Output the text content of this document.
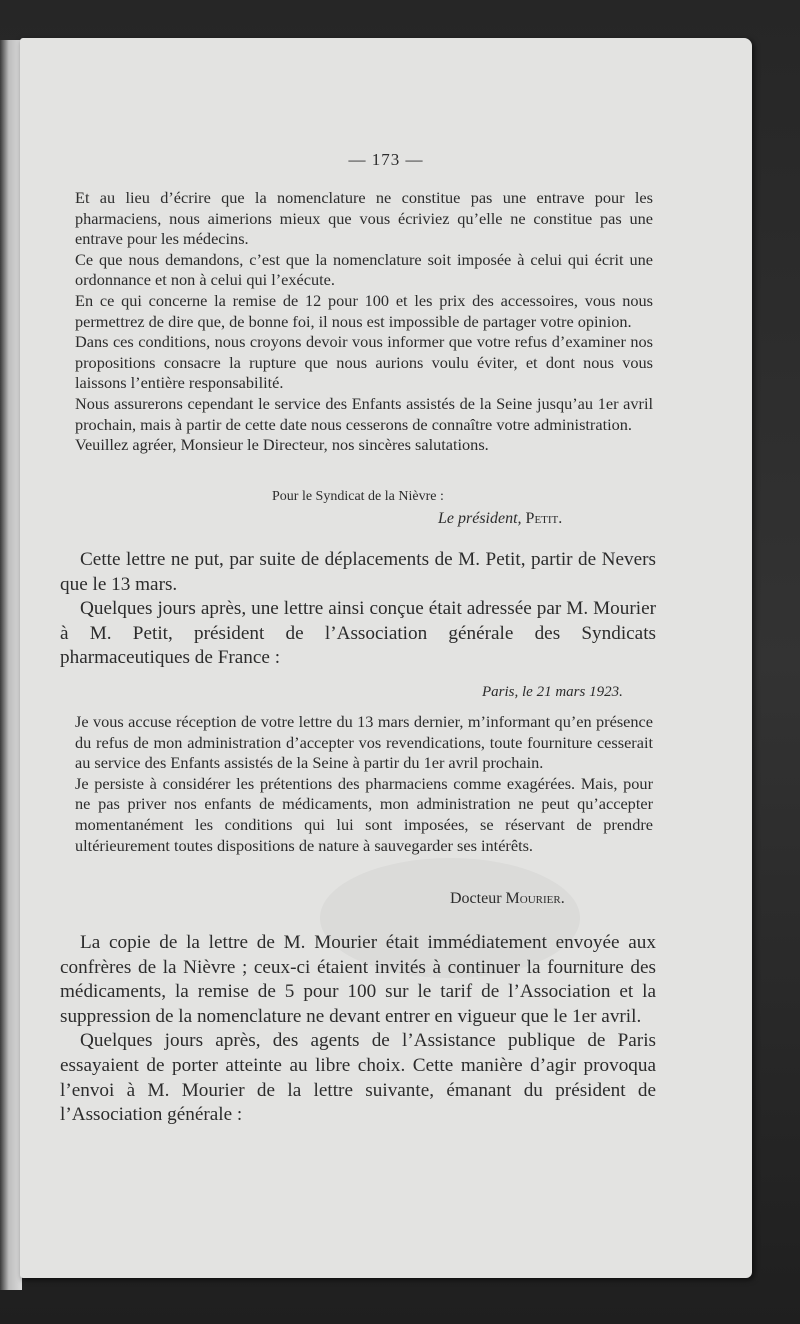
— 173 —

Et au lieu d’écrire que la nomenclature ne constitue pas une entrave pour les pharmaciens, nous aimerions mieux que vous écriviez qu’elle ne constitue pas une entrave pour les médecins.

Ce que nous demandons, c’est que la nomenclature soit imposée à celui qui écrit une ordonnance et non à celui qui l’exécute.

En ce qui concerne la remise de 12 pour 100 et les prix des accessoires, vous nous permettrez de dire que, de bonne foi, il nous est impossible de partager votre opinion.

Dans ces conditions, nous croyons devoir vous informer que votre refus d’examiner nos propositions consacre la rupture que nous aurions voulu éviter, et dont nous vous laissons l’entière responsabilité.

Nous assurerons cependant le service des Enfants assistés de la Seine jusqu’au 1er avril prochain, mais à partir de cette date nous cesserons de connaître votre administration.

Veuillez agréer, Monsieur le Directeur, nos sincères salutations.

Pour le Syndicat de la Nièvre :
Le président, Petit.

Cette lettre ne put, par suite de déplacements de M. Petit, partir de Nevers que le 13 mars.

Quelques jours après, une lettre ainsi conçue était adressée par M. Mourier à M. Petit, président de l’Association générale des Syndicats pharmaceutiques de France :

Paris, le 21 mars 1923.

Je vous accuse réception de votre lettre du 13 mars dernier, m’informant qu’en présence du refus de mon administration d’accepter vos revendications, toute fourniture cesserait au service des Enfants assistés de la Seine à partir du 1er avril prochain.

Je persiste à considérer les prétentions des pharmaciens comme exagérées. Mais, pour ne pas priver nos enfants de médicaments, mon administration ne peut qu’accepter momentanément les conditions qui lui sont imposées, se réservant de prendre ultérieurement toutes dispositions de nature à sauvegarder ses intérêts.

Docteur Mourier.

La copie de la lettre de M. Mourier était immédiatement envoyée aux confrères de la Nièvre ; ceux-ci étaient invités à continuer la fourniture des médicaments, la remise de 5 pour 100 sur le tarif de l’Association et la suppression de la nomenclature ne devant entrer en vigueur que le 1er avril.

Quelques jours après, des agents de l’Assistance publique de Paris essayaient de porter atteinte au libre choix. Cette manière d’agir provoqua l’envoi à M. Mourier de la lettre suivante, émanant du président de l’Association générale :
